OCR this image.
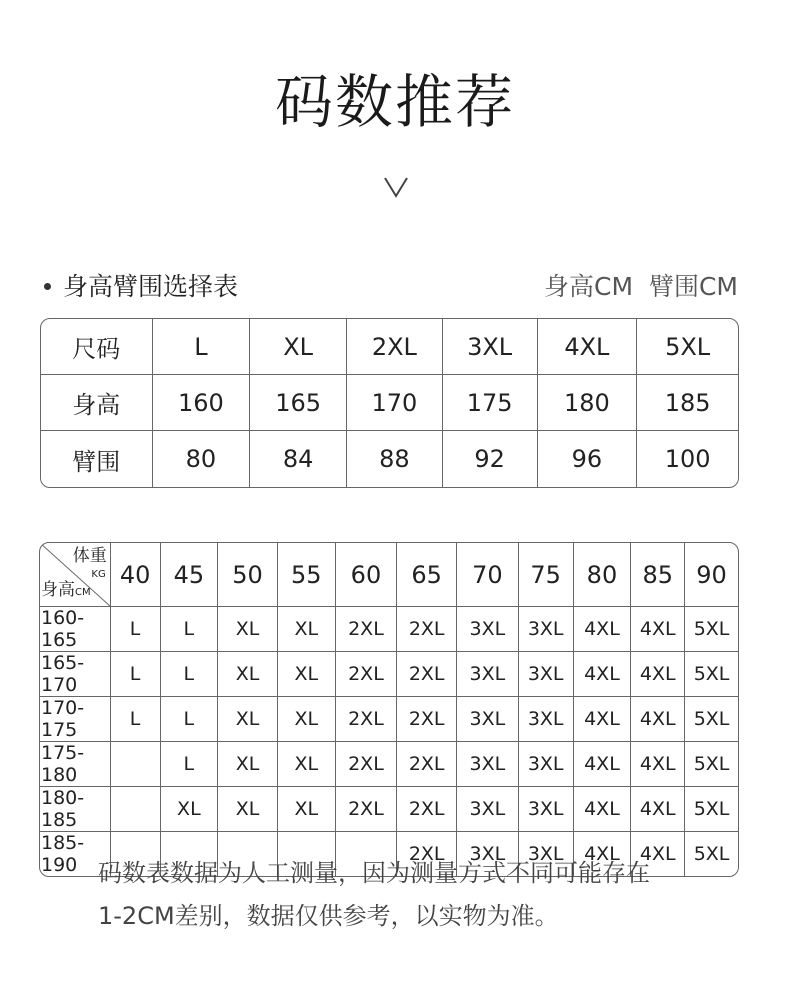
码数推荐
身高臂围选择表	身高CM  臂围CM
尺码	L	XL	2XL	3XL	4XL	5XL
身高	160	165	170	175	180	185
臂围	80	84	88	92	96	100
体重
KG
身高CM	40	45	50	55	60	65	70	75	80	85	90
160-165	L	L	XL	XL	2XL	2XL	3XL	3XL	4XL	4XL	5XL
165-170	L	L	XL	XL	2XL	2XL	3XL	3XL	4XL	4XL	5XL
170-175	L	L	XL	XL	2XL	2XL	3XL	3XL	4XL	4XL	5XL
175-180		L	XL	XL	2XL	2XL	3XL	3XL	4XL	4XL	5XL
180-185		XL	XL	XL	2XL	2XL	3XL	3XL	4XL	4XL	5XL
185-190						2XL	3XL	3XL	4XL	4XL	5XL
码数表数据为人工测量，因为测量方式不同可能存在
1-2CM差别，数据仅供参考，以实物为准。
